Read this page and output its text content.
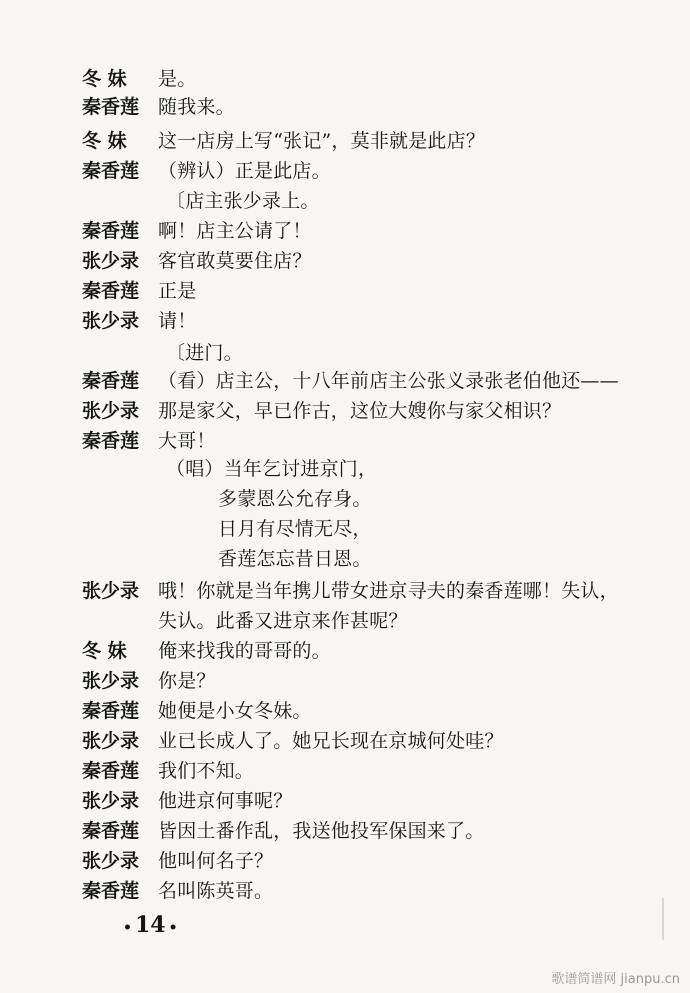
冬 妹 是。
秦香莲 随我来。
冬 妹 这一店房上写“张记”，莫非就是此店？
秦香莲 （辨认）正是此店。
〔店主张少录上。
秦香莲 啊！店主公请了！
张少录 客官敢莫要住店？
秦香莲 正是
张少录 请！
〔进门。
秦香莲 （看）店主公，十八年前店主公张义录张老伯他还——
张少录 那是家父，早已作古，这位大嫂你与家父相识？
秦香莲 大哥！
（唱）当年乞讨进京门，
多蒙恩公允存身。
日月有尽情无尽，
香莲怎忘昔日恩。
张少录 哦！你就是当年携儿带女进京寻夫的秦香莲哪！失认，
失认。此番又进京来作甚呢？
冬 妹 俺来找我的哥哥的。
张少录 你是？
秦香莲 她便是小女冬妹。
张少录 业已长成人了。她兄长现在京城何处哇？
秦香莲 我们不知。
张少录 他进京何事呢？
秦香莲 皆因土番作乱，我送他投军保国来了。
张少录 他叫何名子？
秦香莲 名叫陈英哥。
• 14 •
歌谱简谱网 jianpu.cn
